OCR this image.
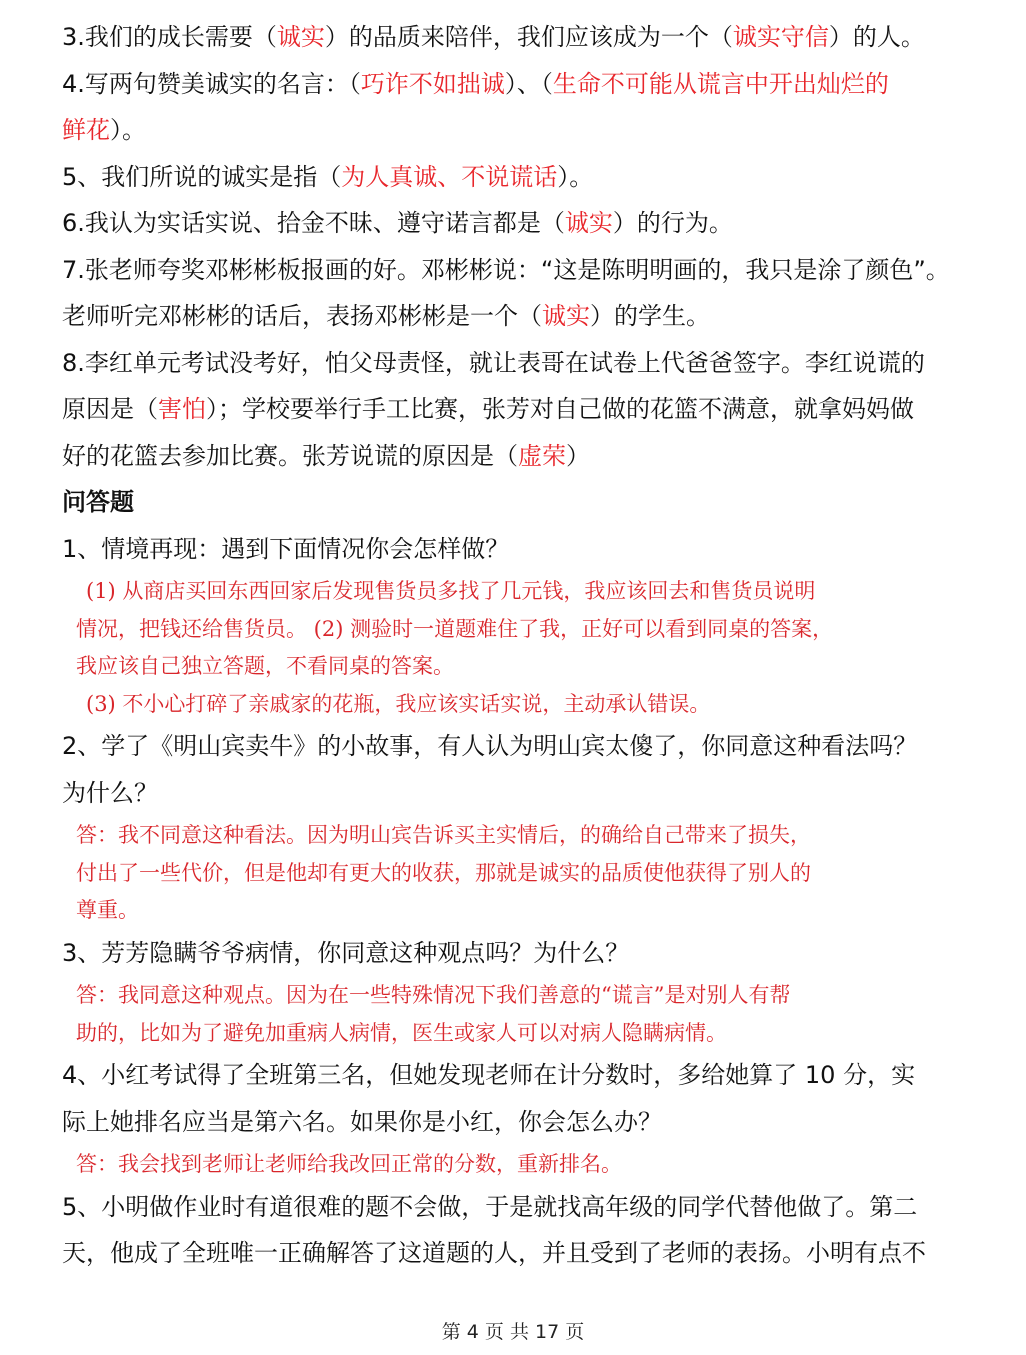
3.我们的成长需要（诚实）的品质来陪伴，我们应该成为一个（诚实守信）的人。
4.写两句赞美诚实的名言：（巧诈不如拙诚）、（生命不可能从谎言中开出灿烂的
鲜花）。
5、我们所说的诚实是指（为人真诚、不说谎话）。
6.我认为实话实说、拾金不昧、遵守诺言都是（诚实）的行为。
7.张老师夸奖邓彬彬板报画的好。邓彬彬说：“这是陈明明画的，我只是涂了颜色”。
老师听完邓彬彬的话后，表扬邓彬彬是一个（诚实）的学生。
8.李红单元考试没考好，怕父母责怪，就让表哥在试卷上代爸爸签字。李红说谎的
原因是（害怕）；学校要举行手工比赛，张芳对自己做的花篮不满意，就拿妈妈做
好的花篮去参加比赛。张芳说谎的原因是（虚荣）
问答题
1、情境再现：遇到下面情况你会怎样做？
(1) 从商店买回东西回家后发现售货员多找了几元钱，我应该回去和售货员说明
情况，把钱还给售货员。 (2) 测验时一道题难住了我，正好可以看到同桌的答案，
我应该自己独立答题，不看同桌的答案。
(3) 不小心打碎了亲戚家的花瓶，我应该实话实说，主动承认错误。
2、学了《明山宾卖牛》的小故事，有人认为明山宾太傻了，你同意这种看法吗？
为什么？
答：我不同意这种看法。因为明山宾告诉买主实情后，的确给自己带来了损失，
付出了一些代价，但是他却有更大的收获，那就是诚实的品质使他获得了别人的
尊重。
3、芳芳隐瞒爷爷病情，你同意这种观点吗？为什么？
答：我同意这种观点。因为在一些特殊情况下我们善意的“谎言”是对别人有帮
助的，比如为了避免加重病人病情，医生或家人可以对病人隐瞒病情。
4、小红考试得了全班第三名，但她发现老师在计分数时，多给她算了 10 分，实
际上她排名应当是第六名。如果你是小红，你会怎么办？
答：我会找到老师让老师给我改回正常的分数，重新排名。
5、小明做作业时有道很难的题不会做，于是就找高年级的同学代替他做了。第二
天，他成了全班唯一正确解答了这道题的人，并且受到了老师的表扬。小明有点不
第 4 页 共 17 页
